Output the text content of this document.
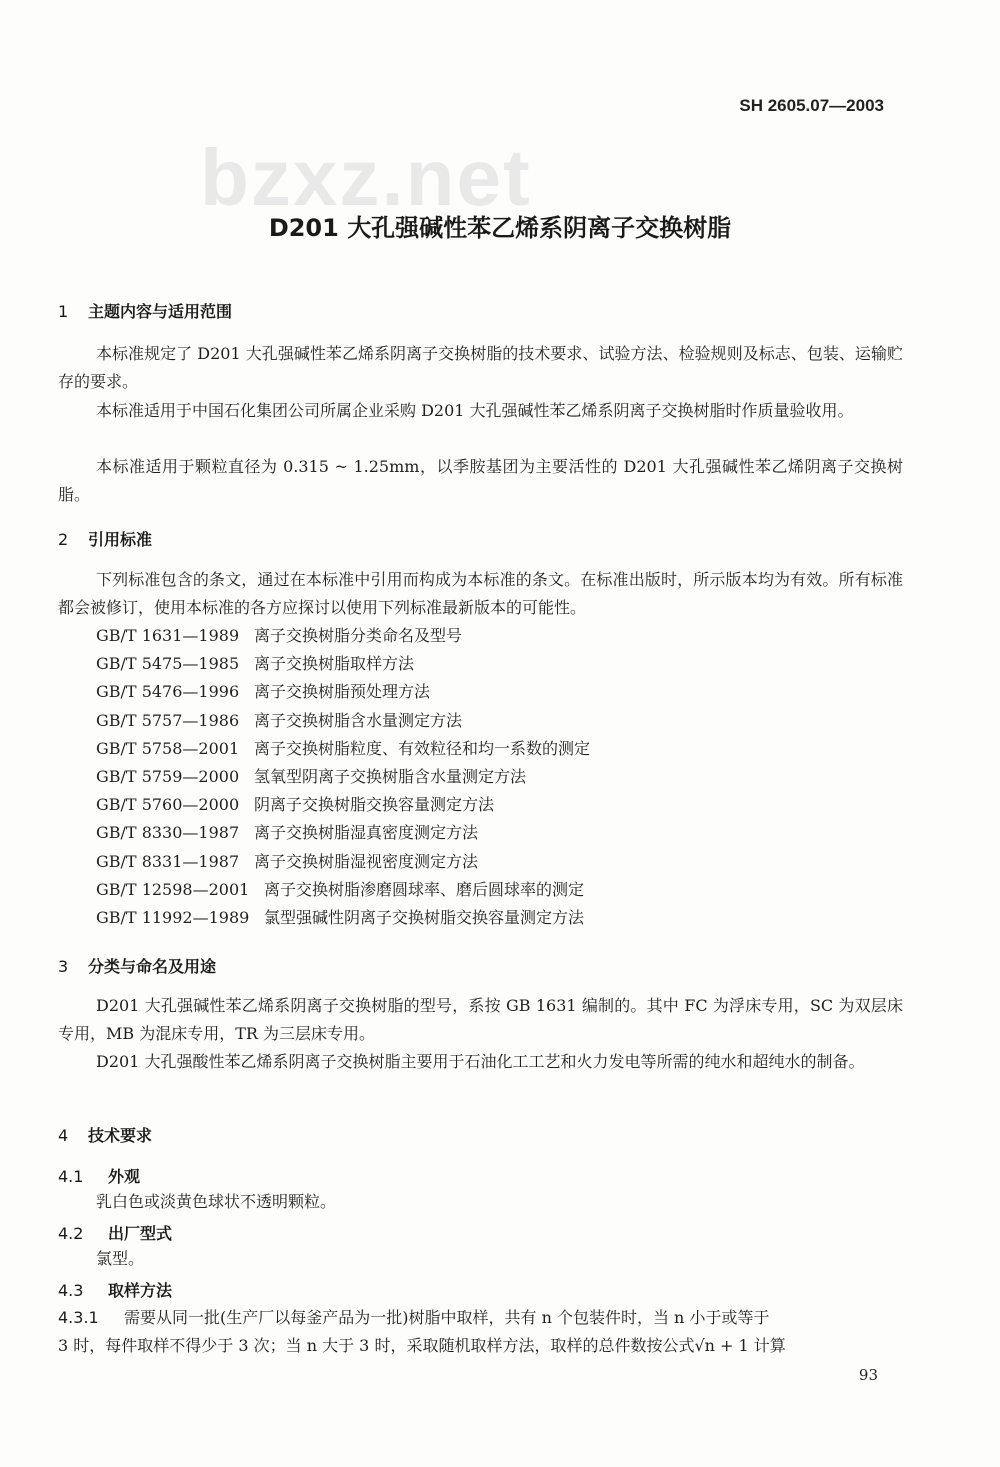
SH 2605.07—2003
bzxz.net
D201 大孔强碱性苯乙烯系阴离子交换树脂
1 主题内容与适用范围
本标准规定了 D201 大孔强碱性苯乙烯系阴离子交换树脂的技术要求、试验方法、检验规则及标志、包装、运输贮存的要求。
本标准适用于中国石化集团公司所属企业采购 D201 大孔强碱性苯乙烯系阴离子交换树脂时作质量验收用。
本标准适用于颗粒直径为 0.315 ~ 1.25mm，以季胺基团为主要活性的 D201 大孔强碱性苯乙烯阴离子交换树脂。
2 引用标准
下列标准包含的条文，通过在本标准中引用而构成为本标准的条文。在标准出版时，所示版本均为有效。所有标准都会被修订，使用本标准的各方应探讨以使用下列标准最新版本的可能性。
GB/T 1631—1989 离子交换树脂分类命名及型号
GB/T 5475—1985 离子交换树脂取样方法
GB/T 5476—1996 离子交换树脂预处理方法
GB/T 5757—1986 离子交换树脂含水量测定方法
GB/T 5758—2001 离子交换树脂粒度、有效粒径和均一系数的测定
GB/T 5759—2000 氢氧型阴离子交换树脂含水量测定方法
GB/T 5760—2000 阴离子交换树脂交换容量测定方法
GB/T 8330—1987 离子交换树脂湿真密度测定方法
GB/T 8331—1987 离子交换树脂湿视密度测定方法
GB/T 12598—2001 离子交换树脂渗磨圆球率、磨后圆球率的测定
GB/T 11992—1989 氯型强碱性阴离子交换树脂交换容量测定方法
3 分类与命名及用途
D201 大孔强碱性苯乙烯系阴离子交换树脂的型号，系按 GB 1631 编制的。其中 FC 为浮床专用，SC 为双层床专用，MB 为混床专用，TR 为三层床专用。
D201 大孔强酸性苯乙烯系阴离子交换树脂主要用于石油化工工艺和火力发电等所需的纯水和超纯水的制备。
4 技术要求
4.1 外观
乳白色或淡黄色球状不透明颗粒。
4.2 出厂型式
氯型。
4.3 取样方法
4.3.1 需要从同一批(生产厂以每釜产品为一批)树脂中取样，共有 n 个包装件时，当 n 小于或等于
3 时，每件取样不得少于 3 次；当 n 大于 3 时，采取随机取样方法，取样的总件数按公式√n + 1 计算
93
